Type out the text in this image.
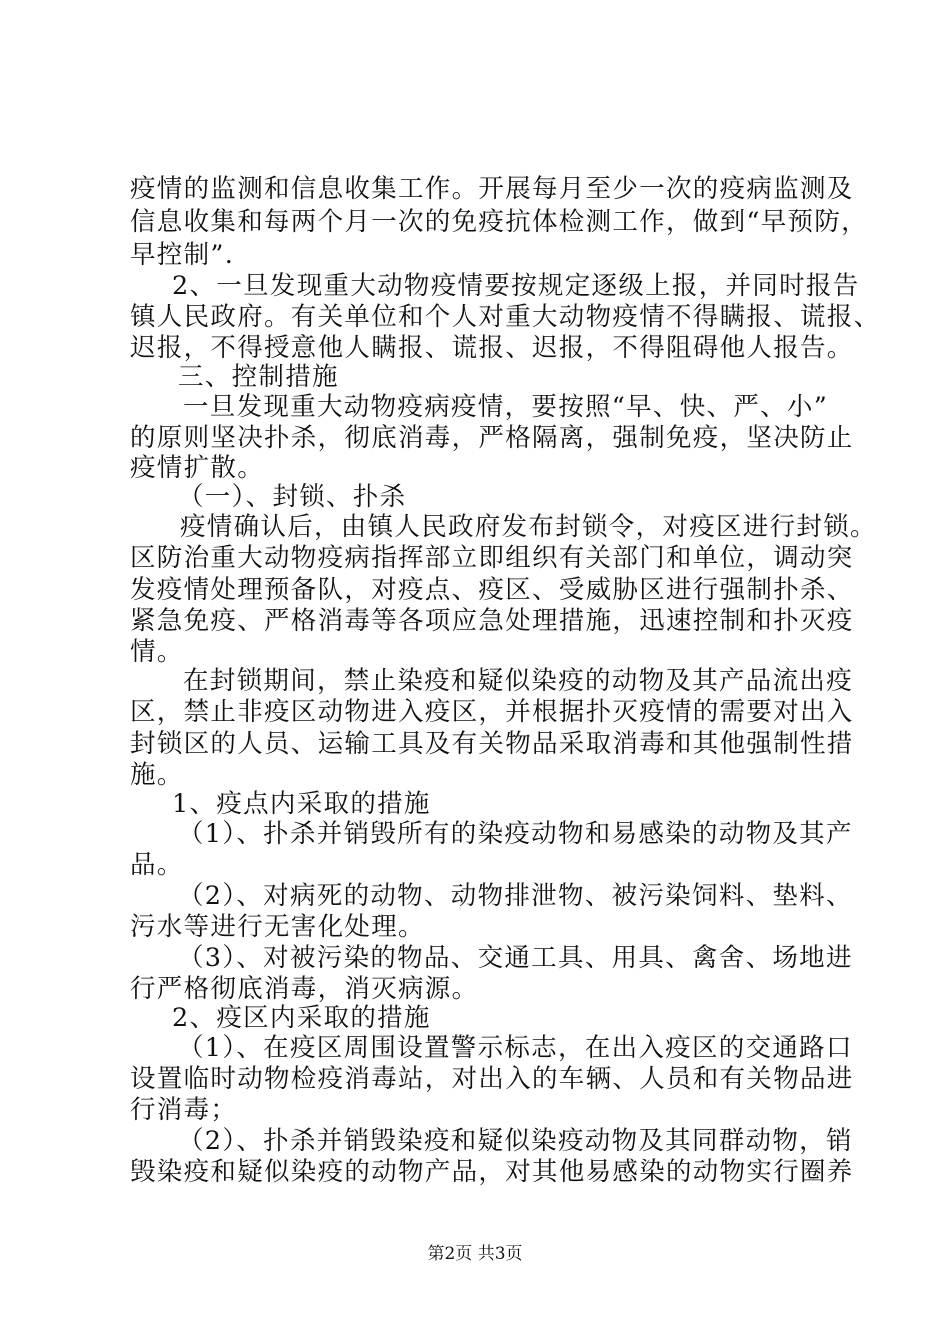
疫情的监测和信息收集工作。开展每月至少一次的疫病监测及
信息收集和每两个月一次的免疫抗体检测工作，做到“早预防，
早控制”.
2、一旦发现重大动物疫情要按规定逐级上报，并同时报告
镇人民政府。有关单位和个人对重大动物疫情不得瞒报、谎报、
迟报，不得授意他人瞒报、谎报、迟报，不得阻碍他人报告。
三、控制措施
一旦发现重大动物疫病疫情，要按照“早、快、严、小”
的原则坚决扑杀，彻底消毒，严格隔离，强制免疫，坚决防止
疫情扩散。
（一）、封锁、扑杀
疫情确认后，由镇人民政府发布封锁令，对疫区进行封锁。
区防治重大动物疫病指挥部立即组织有关部门和单位，调动突
发疫情处理预备队，对疫点、疫区、受威胁区进行强制扑杀、
紧急免疫、严格消毒等各项应急处理措施，迅速控制和扑灭疫
情。
在封锁期间，禁止染疫和疑似染疫的动物及其产品流出疫
区，禁止非疫区动物进入疫区，并根据扑灭疫情的需要对出入
封锁区的人员、运输工具及有关物品采取消毒和其他强制性措
施。
1、疫点内采取的措施
（1）、扑杀并销毁所有的染疫动物和易感染的动物及其产
品。
（2）、对病死的动物、动物排泄物、被污染饲料、垫料、
污水等进行无害化处理。
（3）、对被污染的物品、交通工具、用具、禽舍、场地进
行严格彻底消毒，消灭病源。
2、疫区内采取的措施
（1）、在疫区周围设置警示标志，在出入疫区的交通路口
设置临时动物检疫消毒站，对出入的车辆、人员和有关物品进
行消毒；
（2）、扑杀并销毁染疫和疑似染疫动物及其同群动物，销
毁染疫和疑似染疫的动物产品，对其他易感染的动物实行圈养
第2页 共3页
